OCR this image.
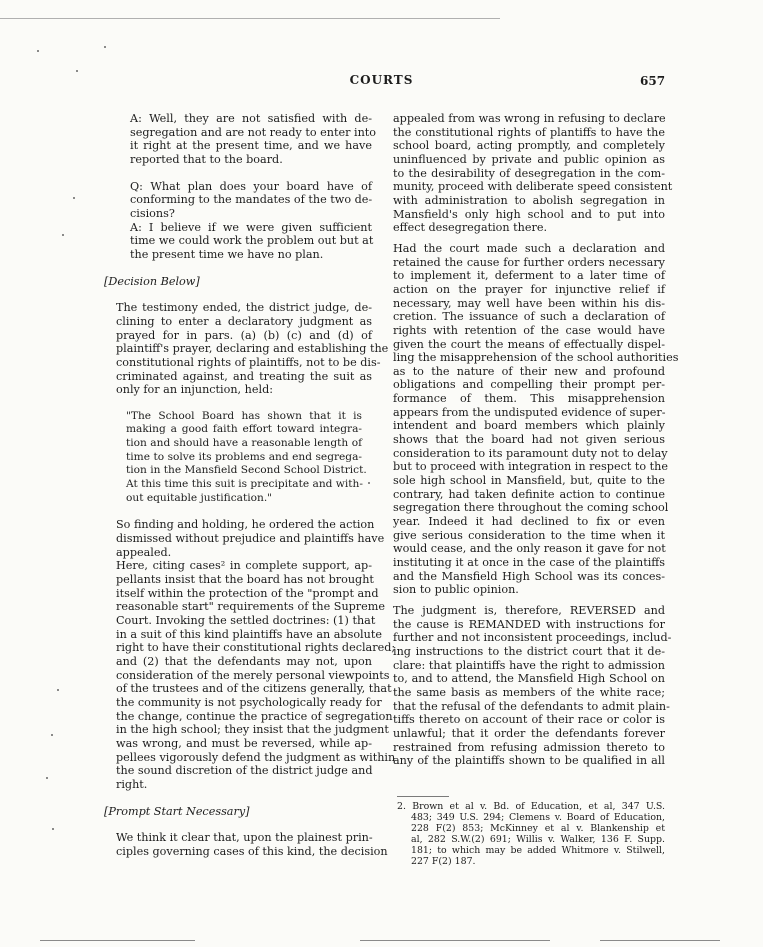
COURTS	657
A: Well, they are not satisfied with de-
segregation and are not ready to enter into
it right at the present time, and we have
reported that to the board.
Q: What plan does your board have of
conforming to the mandates of the two de-
cisions?
A: I believe if we were given sufficient
time we could work the problem out but at
the present time we have no plan.
[Decision Below]
The testimony ended, the district judge, de-
clining to enter a declaratory judgment as
prayed for in pars. (a) (b) (c) and (d) of
plaintiff's prayer, declaring and establishing the
constitutional rights of plaintiffs, not to be dis-
criminated against, and treating the suit as
only for an injunction, held:
"The School Board has shown that it is
making a good faith effort toward integra-
tion and should have a reasonable length of
time to solve its problems and end segrega-
tion in the Mansfield Second School District.
At this time this suit is precipitate and with-
out equitable justification."
So finding and holding, he ordered the action
dismissed without prejudice and plaintiffs have
appealed.
Here, citing cases² in complete support, ap-
pellants insist that the board has not brought
itself within the protection of the "prompt and
reasonable start" requirements of the Supreme
Court. Invoking the settled doctrines: (1) that
in a suit of this kind plaintiffs have an absolute
right to have their constitutional rights declared;
and (2) that the defendants may not, upon
consideration of the merely personal viewpoints
of the trustees and of the citizens generally, that
the community is not psychologically ready for
the change, continue the practice of segregation
in the high school; they insist that the judgment
was wrong, and must be reversed, while ap-
pellees vigorously defend the judgment as within
the sound discretion of the district judge and
right.
[Prompt Start Necessary]
We think it clear that, upon the plainest prin-
ciples governing cases of this kind, the decision
appealed from was wrong in refusing to declare
the constitutional rights of plantiffs to have the
school board, acting promptly, and completely
uninfluenced by private and public opinion as
to the desirability of desegregation in the com-
munity, proceed with deliberate speed consistent
with administration to abolish segregation in
Mansfield's only high school and to put into
effect desegregation there.
Had the court made such a declaration and
retained the cause for further orders necessary
to implement it, deferment to a later time of
action on the prayer for injunctive relief if
necessary, may well have been within his dis-
cretion. The issuance of such a declaration of
rights with retention of the case would have
given the court the means of effectually dispel-
ling the misapprehension of the school authorities
as to the nature of their new and profound
obligations and compelling their prompt per-
formance of them. This misapprehension
appears from the undisputed evidence of super-
intendent and board members which plainly
shows that the board had not given serious
consideration to its paramount duty not to delay
but to proceed with integration in respect to the
sole high school in Mansfield, but, quite to the
contrary, had taken definite action to continue
segregation there throughout the coming school
year. Indeed it had declined to fix or even
give serious consideration to the time when it
would cease, and the only reason it gave for not
instituting it at once in the case of the plaintiffs
and the Mansfield High School was its conces-
sion to public opinion.
The judgment is, therefore, REVERSED and
the cause is REMANDED with instructions for
further and not inconsistent proceedings, includ-
ing instructions to the district court that it de-
clare: that plaintiffs have the right to admission
to, and to attend, the Mansfield High School on
the same basis as members of the white race;
that the refusal of the defendants to admit plain-
tiffs thereto on account of their race or color is
unlawful; that it order the defendants forever
restrained from refusing admission thereto to
any of the plaintiffs shown to be qualified in all
2. Brown et al v. Bd. of Education, et al, 347 U.S.
483; 349 U.S. 294; Clemens v. Board of Education,
228 F(2) 853; McKinney et al v. Blankenship et
al, 282 S.W.(2) 691; Willis v. Walker, 136 F. Supp.
181; to which may be added Whitmore v. Stilwell,
227 F(2) 187.
